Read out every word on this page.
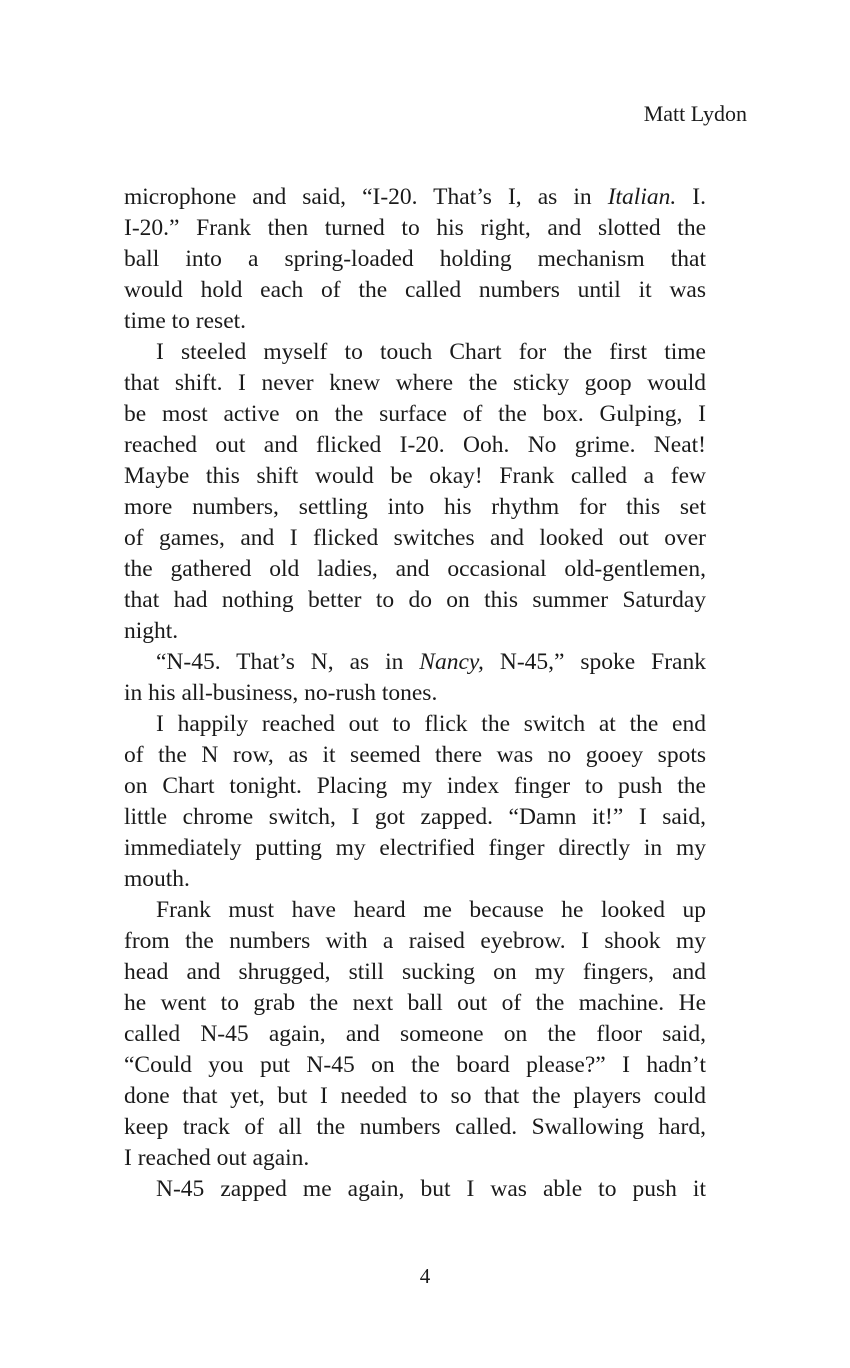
Matt Lydon
microphone and said, “I-20. That’s I, as in Italian. I.
I-20.” Frank then turned to his right, and slotted the
ball into a spring-loaded holding mechanism that
would hold each of the called numbers until it was
time to reset.
I steeled myself to touch Chart for the first time
that shift. I never knew where the sticky goop would
be most active on the surface of the box. Gulping, I
reached out and flicked I-20. Ooh. No grime. Neat!
Maybe this shift would be okay! Frank called a few
more numbers, settling into his rhythm for this set
of games, and I flicked switches and looked out over
the gathered old ladies, and occasional old-gentlemen,
that had nothing better to do on this summer Saturday
night.
“N-45. That’s N, as in Nancy, N-45,” spoke Frank
in his all-business, no-rush tones.
I happily reached out to flick the switch at the end
of the N row, as it seemed there was no gooey spots
on Chart tonight. Placing my index finger to push the
little chrome switch, I got zapped. “Damn it!” I said,
immediately putting my electrified finger directly in my
mouth.
Frank must have heard me because he looked up
from the numbers with a raised eyebrow. I shook my
head and shrugged, still sucking on my fingers, and
he went to grab the next ball out of the machine. He
called N-45 again, and someone on the floor said,
“Could you put N-45 on the board please?” I hadn’t
done that yet, but I needed to so that the players could
keep track of all the numbers called. Swallowing hard,
I reached out again.
N-45 zapped me again, but I was able to push it
4
